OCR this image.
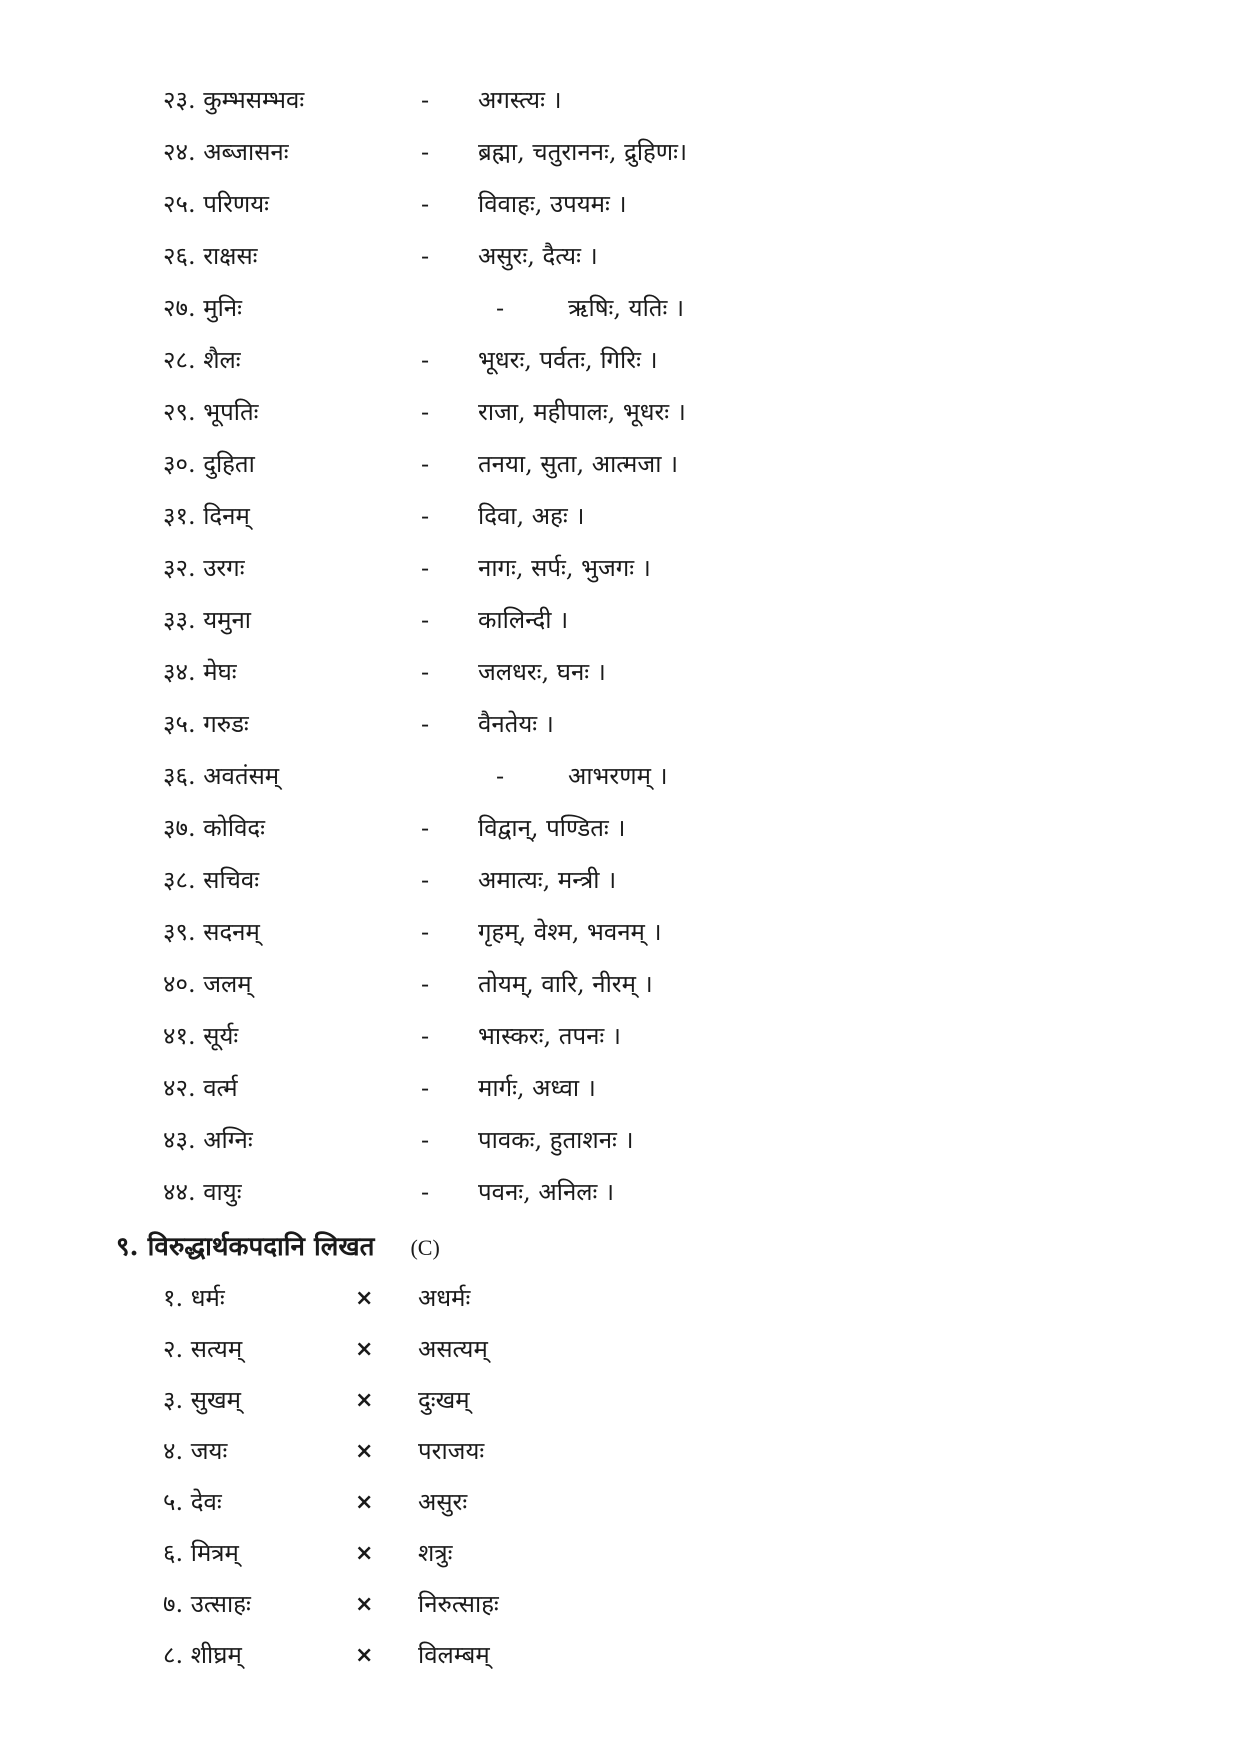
२३. कुम्भसम्भवः	- अगस्त्यः ।
२४. अब्जासनः	- ब्रह्मा, चतुराननः, द्रुहिणः।
२५. परिणयः	- विवाहः, उपयमः ।
२६. राक्षसः	- असुरः, दैत्यः ।
२७. मुनिः	-	ऋषिः, यतिः ।
२८. शैलः	- भूधरः, पर्वतः, गिरिः ।
२९. भूपतिः	- राजा, महीपालः, भूधरः ।
३०. दुहिता	- तनया, सुता, आत्मजा ।
३१. दिनम्	- दिवा, अहः ।
३२. उरगः	- नागः, सर्पः, भुजगः ।
३३. यमुना	- कालिन्दी ।
३४. मेघः	- जलधरः, घनः ।
३५. गरुडः	- वैनतेयः ।
३६. अवतंसम्	-	आभरणम् ।
३७. कोविदः	- विद्वान्, पण्डितः ।
३८. सचिवः	- अमात्यः, मन्त्री ।
३९. सदनम्	- गृहम्, वेश्म, भवनम् ।
४०. जलम्	- तोयम्, वारि, नीरम् ।
४१. सूर्यः	- भास्करः, तपनः ।
४२. वर्त्म	- मार्गः, अध्वा ।
४३. अग्निः	- पावकः, हुताशनः ।
४४. वायुः	- पवनः, अनिलः ।
९. विरुद्धार्थकपदानि लिखत (C)
१. धर्मः	× अधर्मः
२. सत्यम्	× असत्यम्
३. सुखम्	× दुःखम्
४. जयः	× पराजयः
५. देवः	× असुरः
६. मित्रम्	× शत्रुः
७. उत्साहः	× निरुत्साहः
८. शीघ्रम्	× विलम्बम्
